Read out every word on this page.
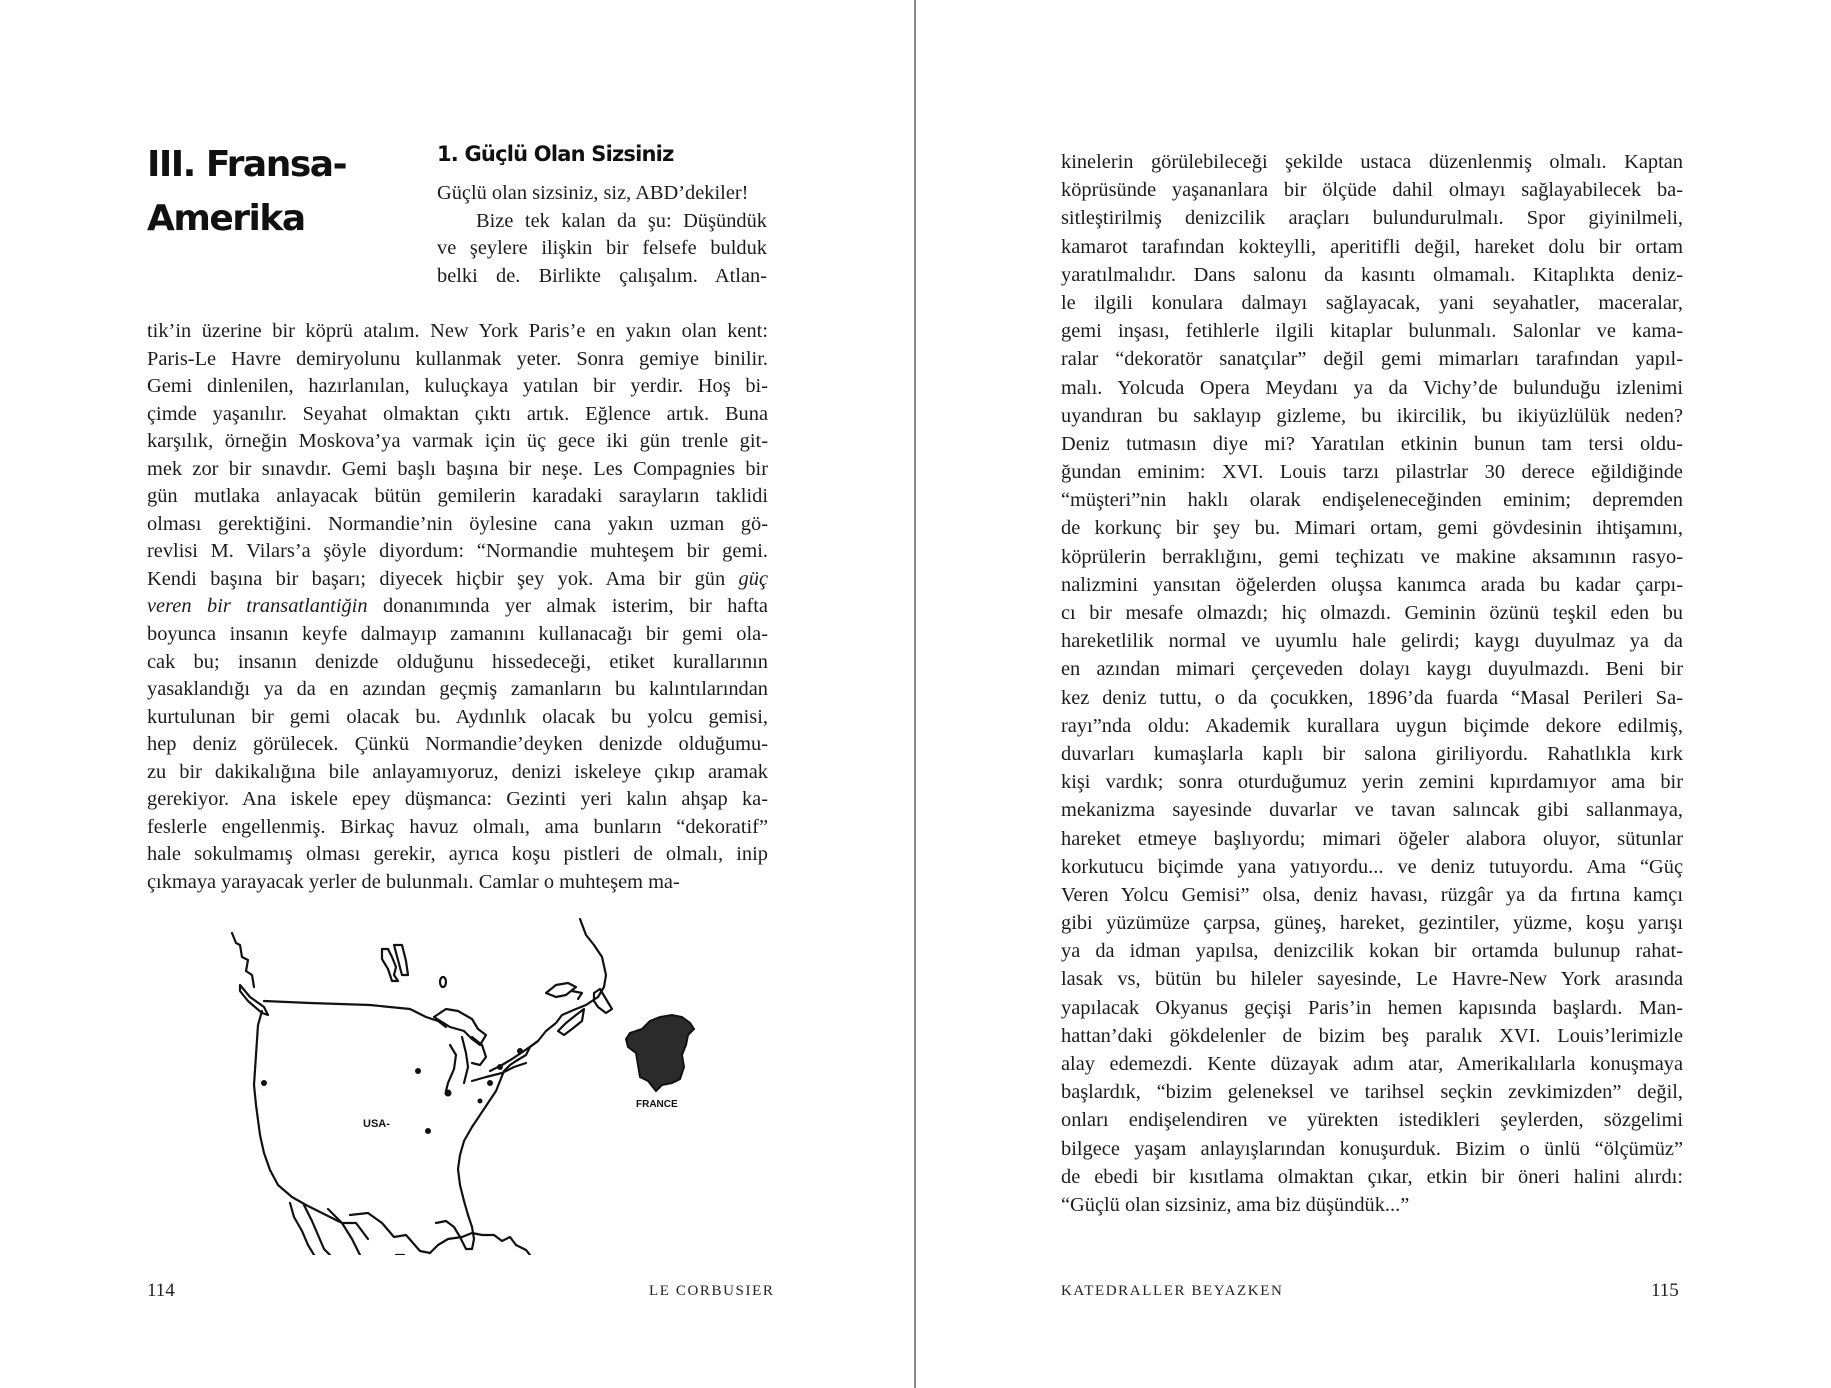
III. Fransa-
Amerika
1. Güçlü Olan Sizsiniz
Güçlü olan sizsiniz, siz, ABD’dekiler!
Bize tek kalan da şu: Düşündük
ve şeylere ilişkin bir felsefe bulduk
belki de. Birlikte çalışalım. Atlan-
tik’in üzerine bir köprü atalım. New York Paris’e en yakın olan kent:
Paris-Le Havre demiryolunu kullanmak yeter. Sonra gemiye binilir.
Gemi dinlenilen, hazırlanılan, kuluçkaya yatılan bir yerdir. Hoş bi-
çimde yaşanılır. Seyahat olmaktan çıktı artık. Eğlence artık. Buna
karşılık, örneğin Moskova’ya varmak için üç gece iki gün trenle git-
mek zor bir sınavdır. Gemi başlı başına bir neşe. Les Compagnies bir
gün mutlaka anlayacak bütün gemilerin karadaki sarayların taklidi
olması gerektiğini. Normandie’nin öylesine cana yakın uzman gö-
revlisi M. Vilars’a şöyle diyordum: “Normandie muhteşem bir gemi.
Kendi başına bir başarı; diyecek hiçbir şey yok. Ama bir gün güç
veren bir transatlantiğin donanımında yer almak isterim, bir hafta
boyunca insanın keyfe dalmayıp zamanını kullanacağı bir gemi ola-
cak bu; insanın denizde olduğunu hissedeceği, etiket kurallarının
yasaklandığı ya da en azından geçmiş zamanların bu kalıntılarından
kurtulunan bir gemi olacak bu. Aydınlık olacak bu yolcu gemisi,
hep deniz görülecek. Çünkü Normandie’deyken denizde olduğumu-
zu bir dakikalığına bile anlayamıyoruz, denizi iskeleye çıkıp aramak
gerekiyor. Ana iskele epey düşmanca: Gezinti yeri kalın ahşap ka-
feslerle engellenmiş. Birkaç havuz olmalı, ama bunların “dekoratif”
hale sokulmamış olması gerekir, ayrıca koşu pistleri de olmalı, inip
çıkmaya yarayacak yerler de bulunmalı. Camlar o muhteşem ma-
USA-
FRANCE
114	LE CORBUSIER
kinelerin görülebileceği şekilde ustaca düzenlenmiş olmalı. Kaptan
köprüsünde yaşananlara bir ölçüde dahil olmayı sağlayabilecek ba-
sitleştirilmiş denizcilik araçları bulundurulmalı. Spor giyinilmeli,
kamarot tarafından kokteylli, aperitifli değil, hareket dolu bir ortam
yaratılmalıdır. Dans salonu da kasıntı olmamalı. Kitaplıkta deniz-
le ilgili konulara dalmayı sağlayacak, yani seyahatler, maceralar,
gemi inşası, fetihlerle ilgili kitaplar bulunmalı. Salonlar ve kama-
ralar “dekoratör sanatçılar” değil gemi mimarları tarafından yapıl-
malı. Yolcuda Opera Meydanı ya da Vichy’de bulunduğu izlenimi
uyandıran bu saklayıp gizleme, bu ikircilik, bu ikiyüzlülük neden?
Deniz tutmasın diye mi? Yaratılan etkinin bunun tam tersi oldu-
ğundan eminim: XVI. Louis tarzı pilastrlar 30 derece eğildiğinde
“müşteri”nin haklı olarak endişeleneceğinden eminim; depremden
de korkunç bir şey bu. Mimari ortam, gemi gövdesinin ihtişamını,
köprülerin berraklığını, gemi teçhizatı ve makine aksamının rasyo-
nalizmini yansıtan öğelerden oluşsa kanımca arada bu kadar çarpı-
cı bir mesafe olmazdı; hiç olmazdı. Geminin özünü teşkil eden bu
hareketlilik normal ve uyumlu hale gelirdi; kaygı duyulmaz ya da
en azından mimari çerçeveden dolayı kaygı duyulmazdı. Beni bir
kez deniz tuttu, o da çocukken, 1896’da fuarda “Masal Perileri Sa-
rayı”nda oldu: Akademik kurallara uygun biçimde dekore edilmiş,
duvarları kumaşlarla kaplı bir salona giriliyordu. Rahatlıkla kırk
kişi vardık; sonra oturduğumuz yerin zemini kıpırdamıyor ama bir
mekanizma sayesinde duvarlar ve tavan salıncak gibi sallanmaya,
hareket etmeye başlıyordu; mimari öğeler alabora oluyor, sütunlar
korkutucu biçimde yana yatıyordu... ve deniz tutuyordu. Ama “Güç
Veren Yolcu Gemisi” olsa, deniz havası, rüzgâr ya da fırtına kamçı
gibi yüzümüze çarpsa, güneş, hareket, gezintiler, yüzme, koşu yarışı
ya da idman yapılsa, denizcilik kokan bir ortamda bulunup rahat-
lasak vs, bütün bu hileler sayesinde, Le Havre-New York arasında
yapılacak Okyanus geçişi Paris’in hemen kapısında başlardı. Man-
hattan’daki gökdelenler de bizim beş paralık XVI. Louis’lerimizle
alay edemezdi. Kente düzayak adım atar, Amerikalılarla konuşmaya
başlardık, “bizim geleneksel ve tarihsel seçkin zevkimizden” değil,
onları endişelendiren ve yürekten istedikleri şeylerden, sözgelimi
bilgece yaşam anlayışlarından konuşurduk. Bizim o ünlü “ölçümüz”
de ebedi bir kısıtlama olmaktan çıkar, etkin bir öneri halini alırdı:
“Güçlü olan sizsiniz, ama biz düşündük...”
KATEDRALLER BEYAZKEN	115
